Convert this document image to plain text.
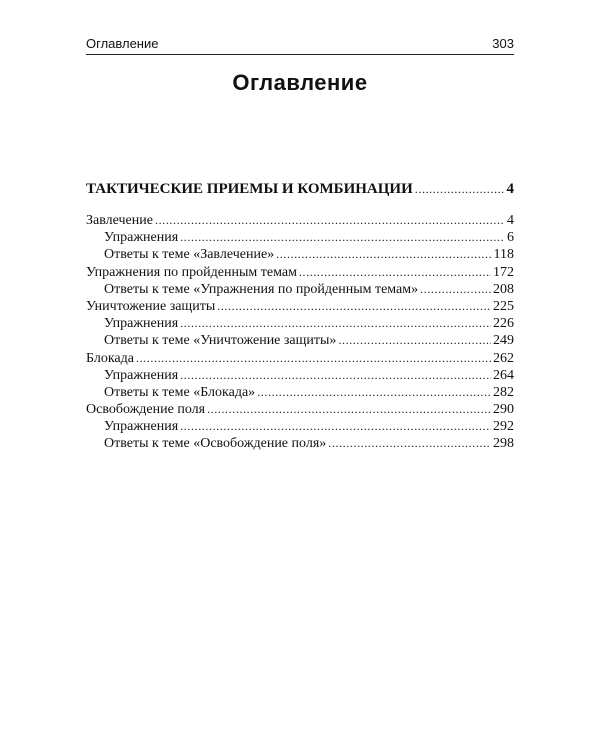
Оглавление	303
Оглавление
ТАКТИЧЕСКИЕ ПРИЕМЫ И КОМБИНАЦИИ .....	4
Завлечение .....	4
Упражнения .....	6
Ответы к теме «Завлечение» .....	118
Упражнения по пройденным темам .....	172
Ответы к теме «Упражнения по пройденным темам» .....	208
Уничтожение защиты .....	225
Упражнения .....	226
Ответы к теме «Уничтожение защиты» .....	249
Блокада .....	262
Упражнения .....	264
Ответы к теме «Блокада» .....	282
Освобождение поля .....	290
Упражнения .....	292
Ответы к теме «Освобождение поля» .....	298
